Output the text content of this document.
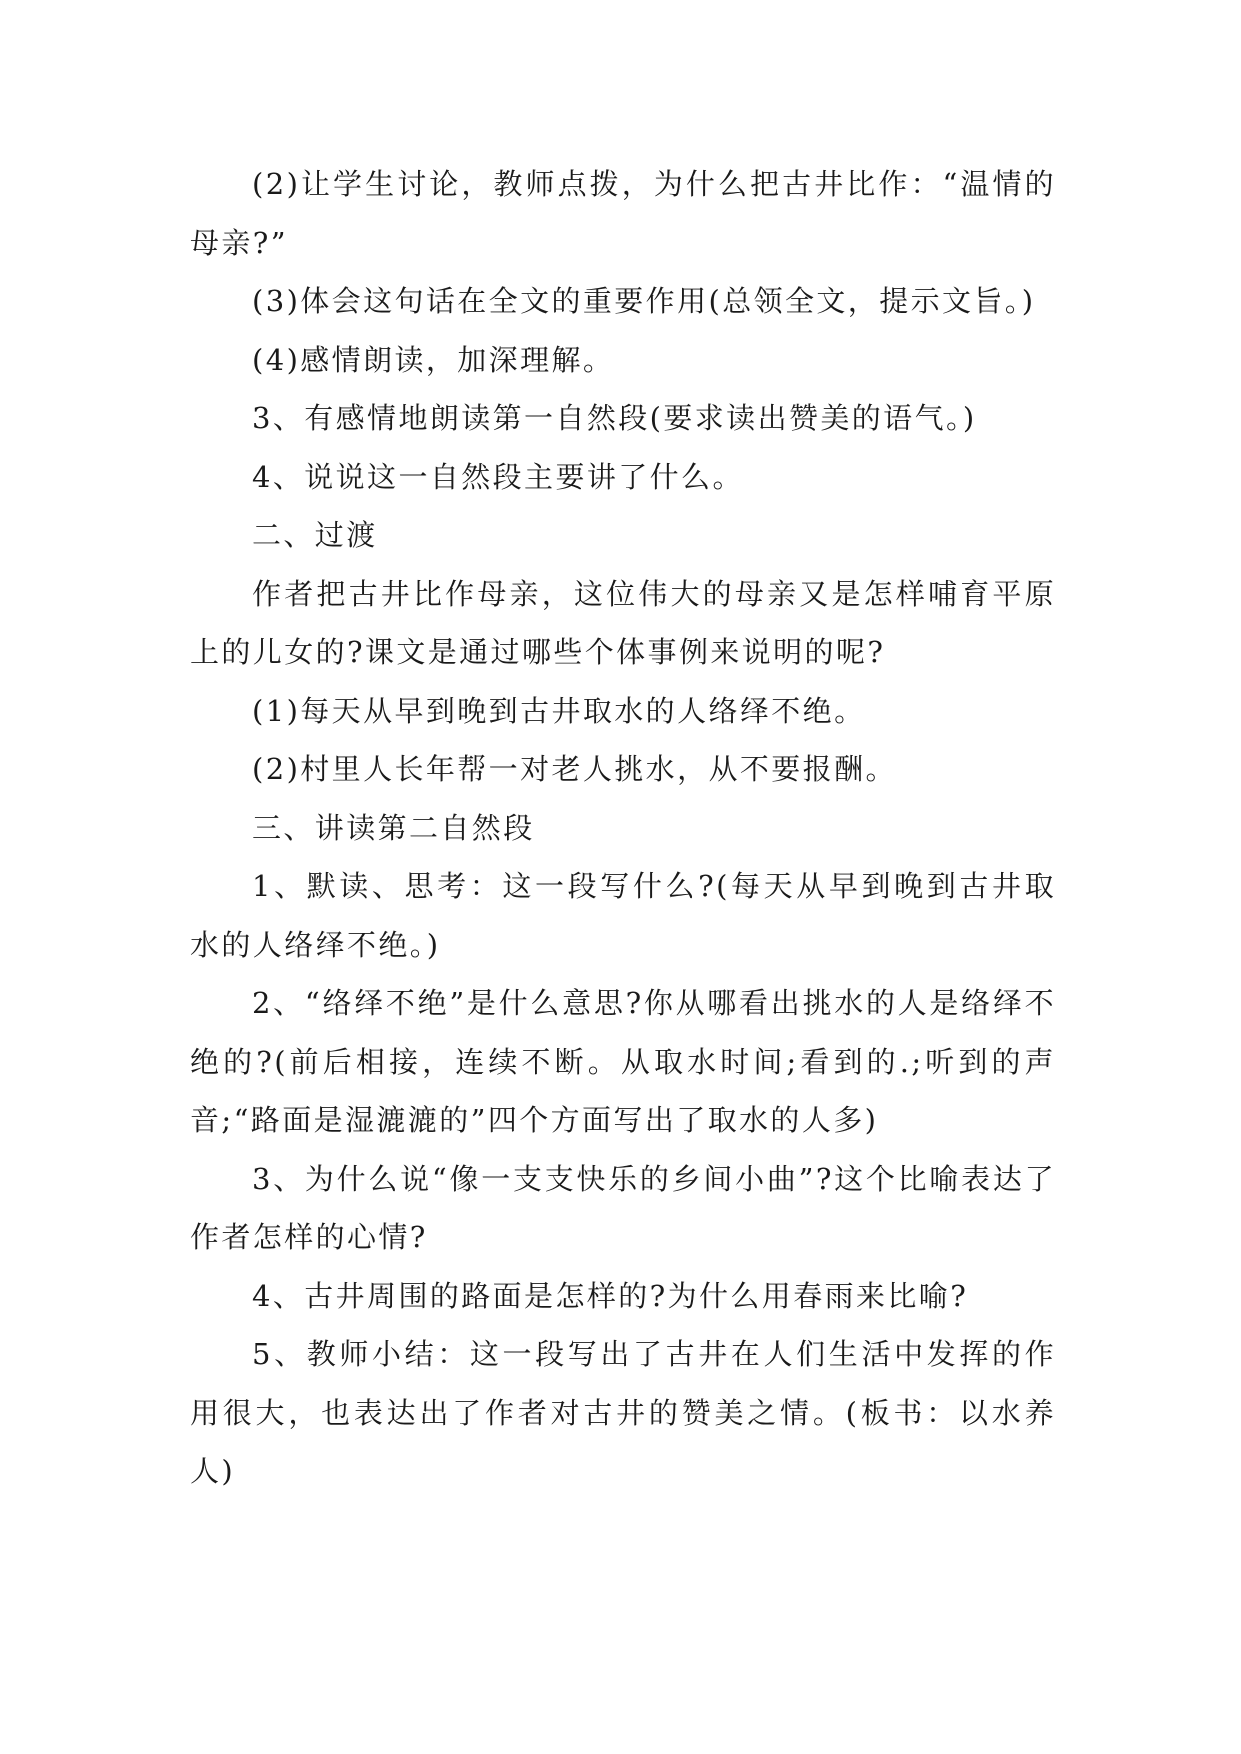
(2)让学生讨论，教师点拨，为什么把古井比作：“温情的母亲?”

(3)体会这句话在全文的重要作用(总领全文，提示文旨。)

(4)感情朗读，加深理解。

3、有感情地朗读第一自然段(要求读出赞美的语气。)

4、说说这一自然段主要讲了什么。

二、过渡

作者把古井比作母亲，这位伟大的母亲又是怎样哺育平原上的儿女的?课文是通过哪些个体事例来说明的呢?

(1)每天从早到晚到古井取水的人络绎不绝。

(2)村里人长年帮一对老人挑水，从不要报酬。

三、讲读第二自然段

1、默读、思考：这一段写什么?(每天从早到晚到古井取水的人络绎不绝。)

2、“络绎不绝”是什么意思?你从哪看出挑水的人是络绎不绝的?(前后相接，连续不断。从取水时间;看到的.;听到的声音;“路面是湿漉漉的”四个方面写出了取水的人多)

3、为什么说“像一支支快乐的乡间小曲”?这个比喻表达了作者怎样的心情?

4、古井周围的路面是怎样的?为什么用春雨来比喻?

5、教师小结：这一段写出了古井在人们生活中发挥的作用很大，也表达出了作者对古井的赞美之情。(板书：以水养人)
